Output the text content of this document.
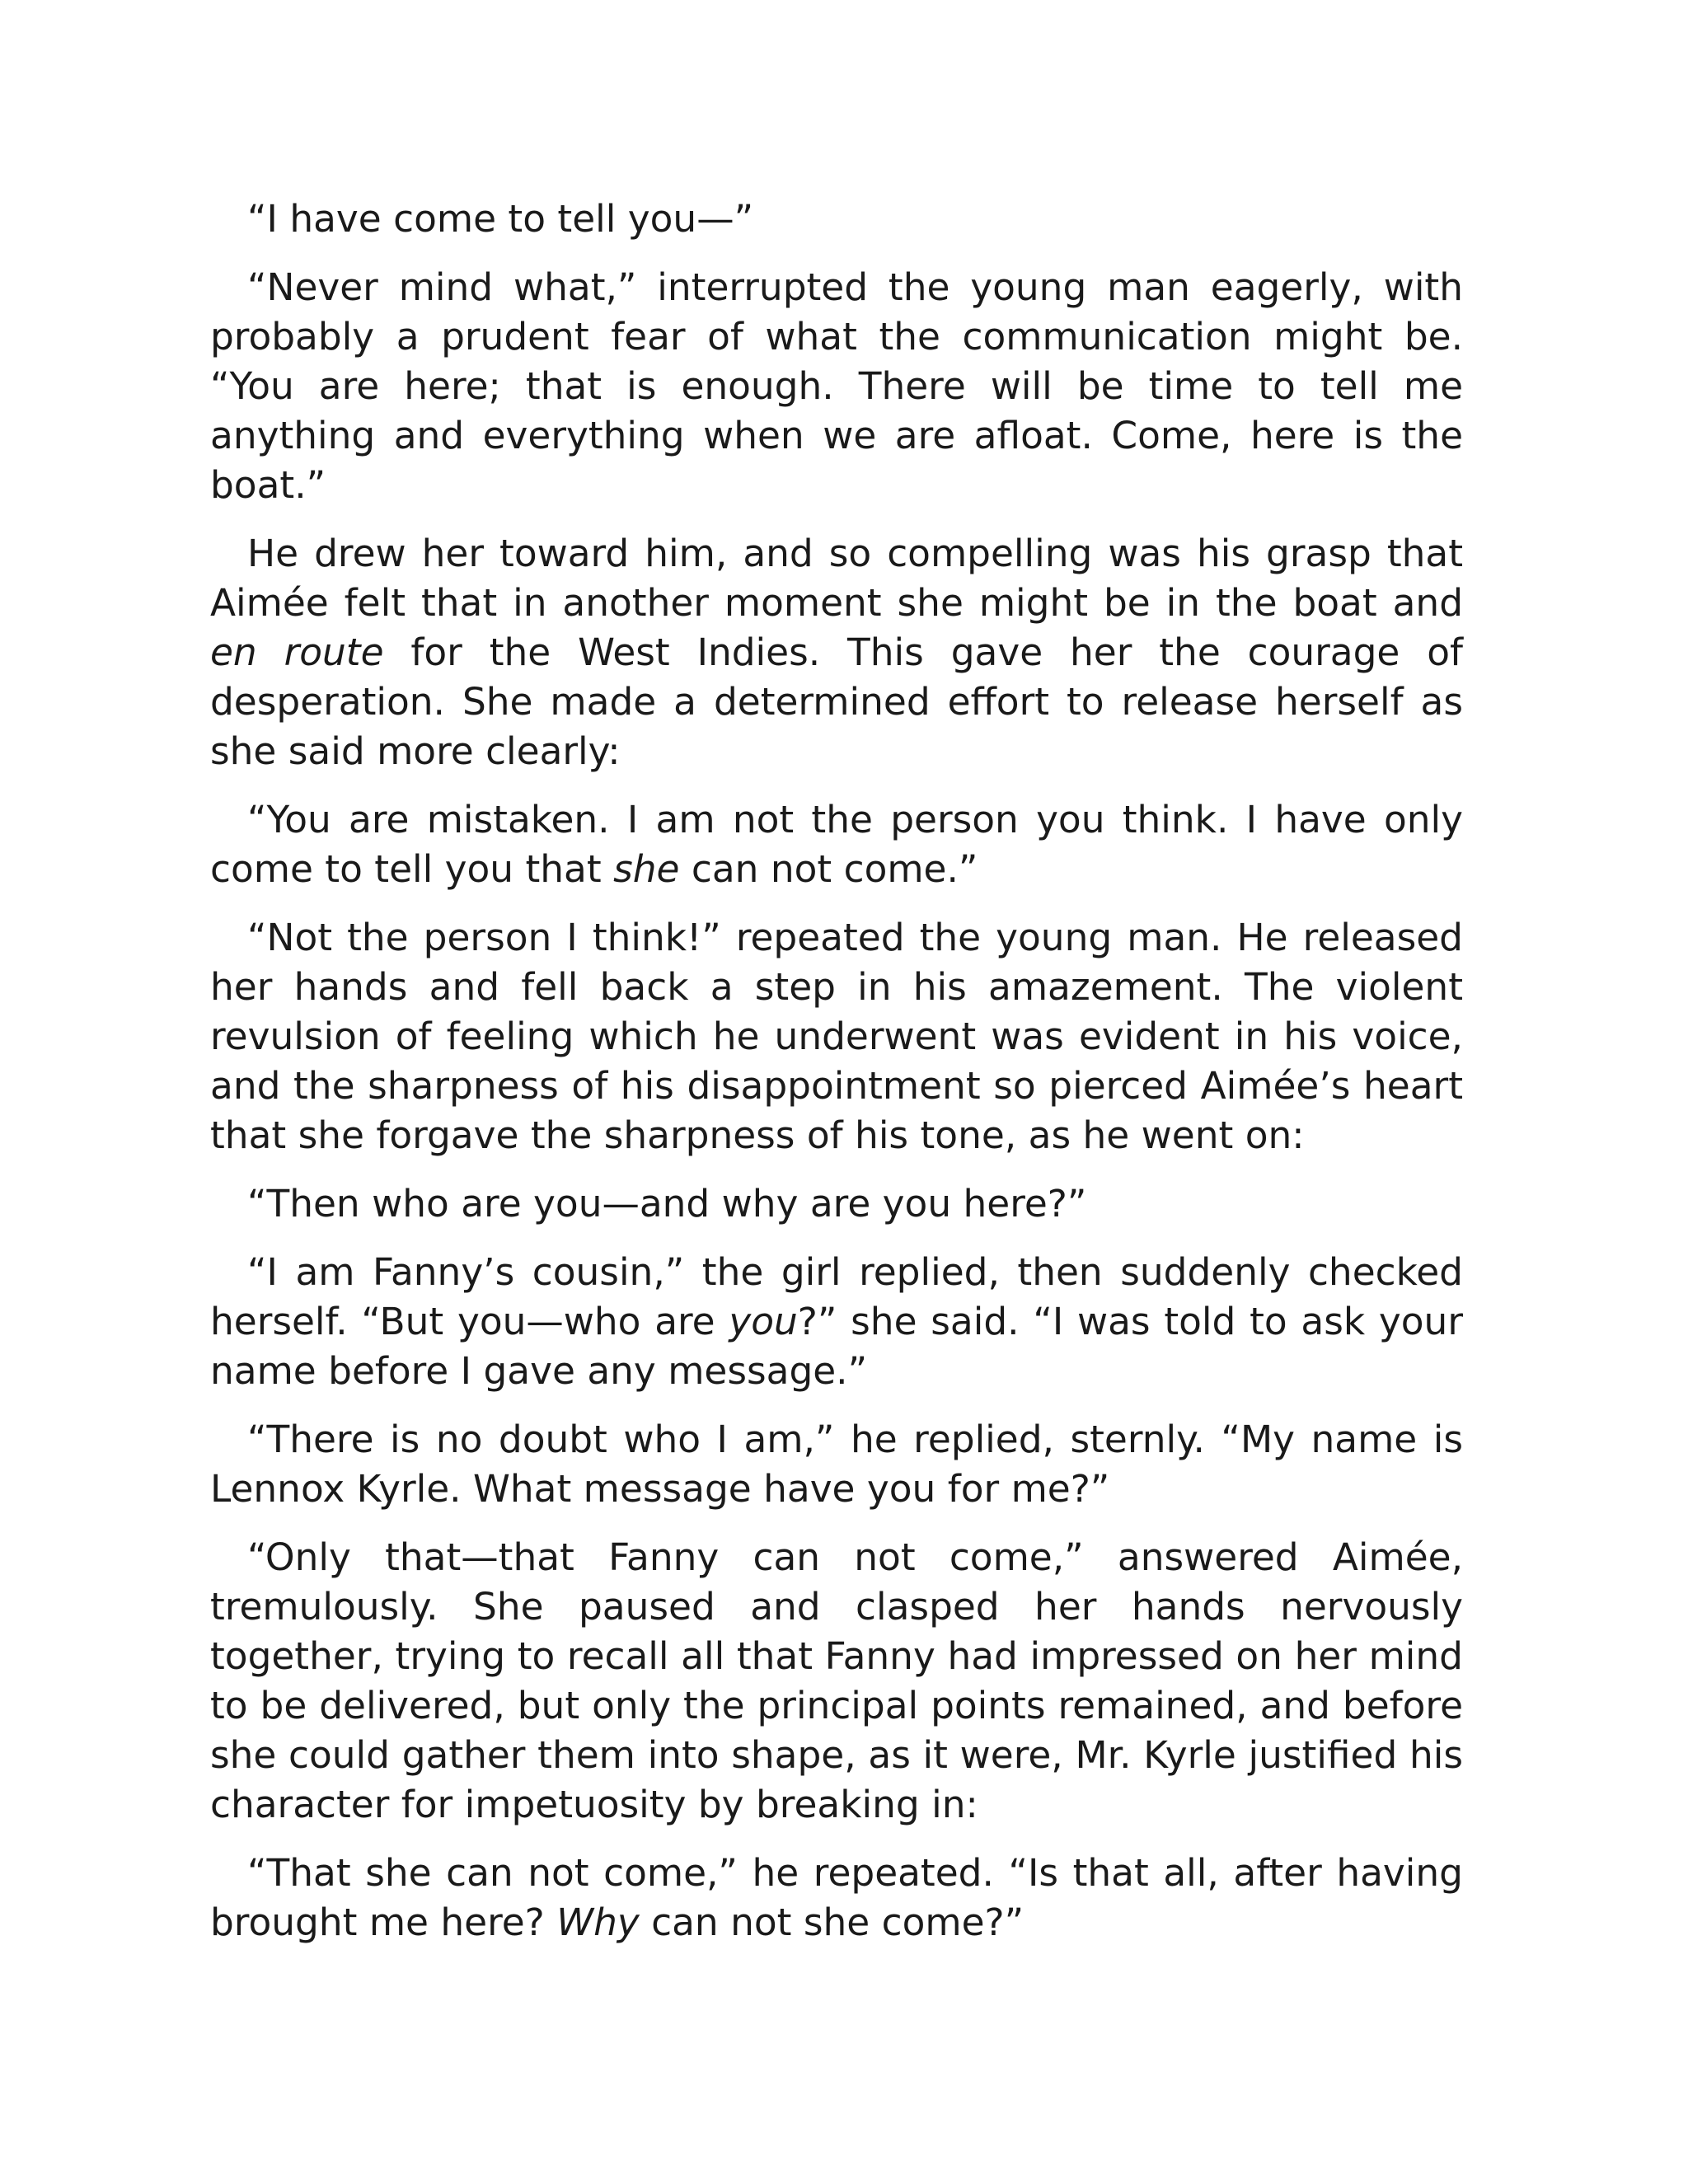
“I have come to tell you—”

“Never mind what,” interrupted the young man eagerly, with probably a prudent fear of what the communication might be. “You are here; that is enough. There will be time to tell me anything and everything when we are afloat. Come, here is the boat.”

He drew her toward him, and so compelling was his grasp that Aimée felt that in another moment she might be in the boat and en route for the West Indies. This gave her the courage of desperation. She made a determined effort to release herself as she said more clearly:

“You are mistaken. I am not the person you think. I have only come to tell you that she can not come.”

“Not the person I think!” repeated the young man. He released her hands and fell back a step in his amazement. The violent revulsion of feeling which he underwent was evident in his voice, and the sharpness of his disappointment so pierced Aimée’s heart that she forgave the sharpness of his tone, as he went on:

“Then who are you—and why are you here?”

“I am Fanny’s cousin,” the girl replied, then suddenly checked herself. “But you—who are you?” she said. “I was told to ask your name before I gave any message.”

“There is no doubt who I am,” he replied, sternly. “My name is Lennox Kyrle. What message have you for me?”

“Only that—that Fanny can not come,” answered Aimée, tremulously. She paused and clasped her hands nervously together, trying to recall all that Fanny had impressed on her mind to be delivered, but only the principal points remained, and before she could gather them into shape, as it were, Mr. Kyrle justified his character for impetuosity by breaking in:

“That she can not come,” he repeated. “Is that all, after having brought me here? Why can not she come?”
